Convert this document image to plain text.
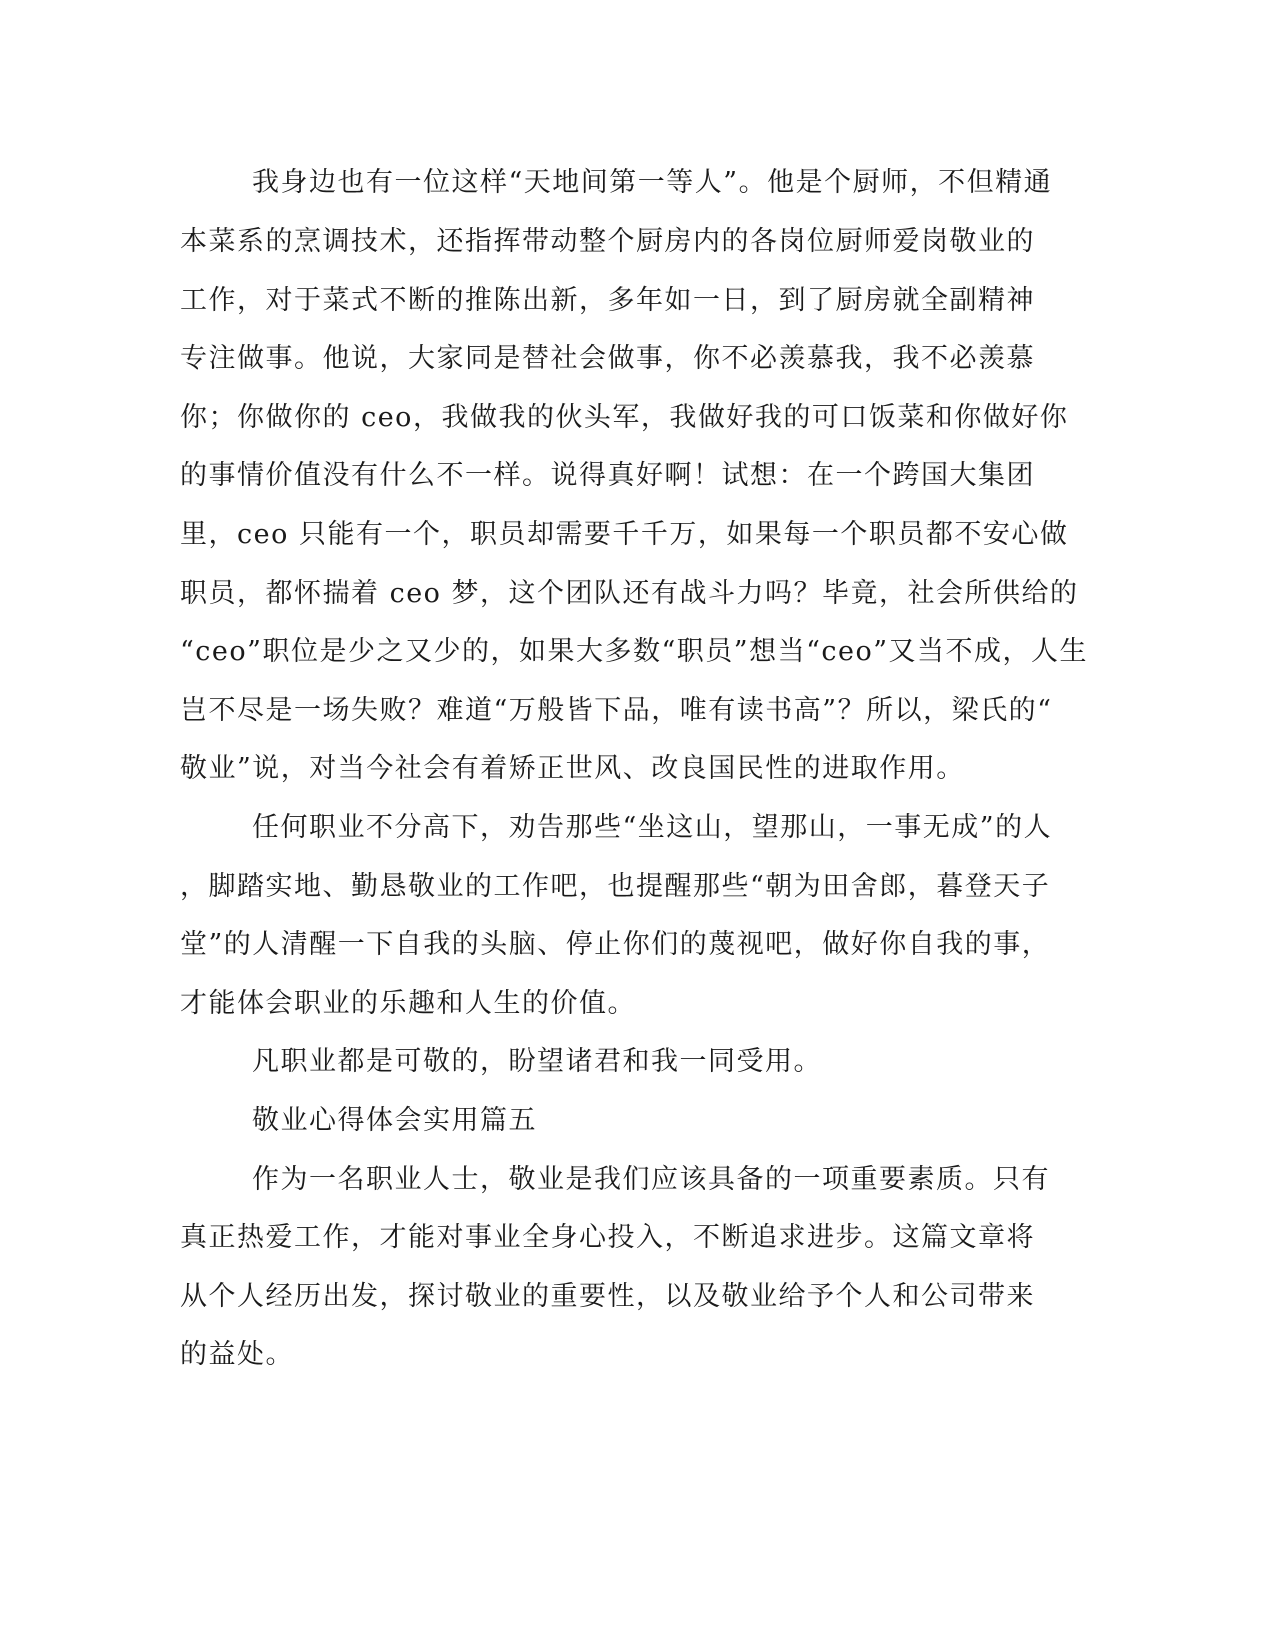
我身边也有一位这样“天地间第一等人”。他是个厨师，不但精通

本菜系的烹调技术，还指挥带动整个厨房内的各岗位厨师爱岗敬业的

工作，对于菜式不断的推陈出新，多年如一日，到了厨房就全副精神

专注做事。他说，大家同是替社会做事，你不必羡慕我，我不必羡慕

你；你做你的 ceo，我做我的伙头军，我做好我的可口饭菜和你做好你

的事情价值没有什么不一样。说得真好啊！试想：在一个跨国大集团

里，ceo 只能有一个，职员却需要千千万，如果每一个职员都不安心做

职员，都怀揣着 ceo 梦，这个团队还有战斗力吗？毕竟，社会所供给的

“ceo”职位是少之又少的，如果大多数“职员”想当“ceo”又当不成，人生

岂不尽是一场失败？难道“万般皆下品，唯有读书高”？所以，梁氏的“

敬业”说，对当今社会有着矫正世风、改良国民性的进取作用。

任何职业不分高下，劝告那些“坐这山，望那山，一事无成”的人

，脚踏实地、勤恳敬业的工作吧，也提醒那些“朝为田舍郎，暮登天子

堂”的人清醒一下自我的头脑、停止你们的蔑视吧，做好你自我的事，

才能体会职业的乐趣和人生的价值。

凡职业都是可敬的，盼望诸君和我一同受用。

敬业心得体会实用篇五

作为一名职业人士，敬业是我们应该具备的一项重要素质。只有

真正热爱工作，才能对事业全身心投入，不断追求进步。这篇文章将

从个人经历出发，探讨敬业的重要性，以及敬业给予个人和公司带来

的益处。
